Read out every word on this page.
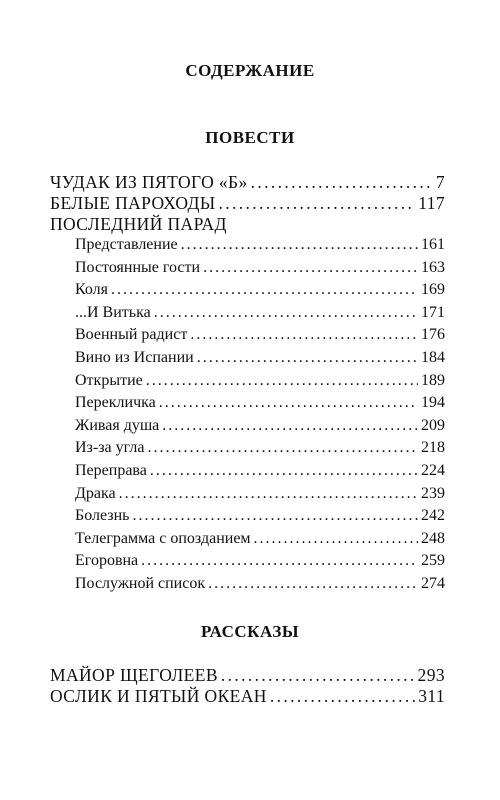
СОДЕРЖАНИЕ
ПОВЕСТИ
ЧУДАК ИЗ ПЯТОГО «Б» . . .	7
БЕЛЫЕ ПАРОХОДЫ . . .	117
ПОСЛЕДНИЙ ПАРАД
Представление . . .	161
Постоянные гости . . .	163
Коля . . .	169
...И Витька . . .	171
Военный радист . . .	176
Вино из Испании . . .	184
Открытие . . .	189
Перекличка . . .	194
Живая душа . . .	209
Из-за угла . . .	218
Переправа . . .	224
Драка . . .	239
Болезнь . . .	242
Телеграмма с опозданием . . .	248
Егоровна . . .	259
Послужной список . . .	274
РАССКАЗЫ
МАЙОР ЩЕГОЛЕЕВ . . .	293
ОСЛИК И ПЯТЫЙ ОКЕАН . . .	311
